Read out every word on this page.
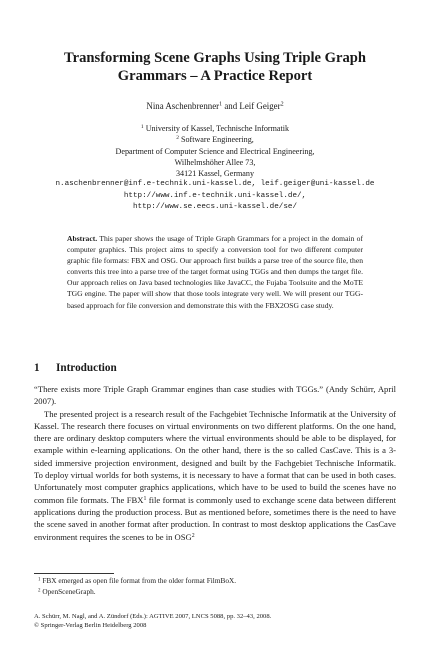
Transforming Scene Graphs Using Triple Graph
Grammars – A Practice Report
Nina Aschenbrenner$^1$ and Leif Geiger$^2$
$^1$ University of Kassel, Technische Informatik
$^2$ Software Engineering,
Department of Computer Science and Electrical Engineering,
Wilhelmshöher Allee 73,
34121 Kassel, Germany
n.aschenbrenner@inf.e-technik.uni-kassel.de, leif.geiger@uni-kassel.de
http://www.inf.e-technik.uni-kassel.de/,
http://www.se.eecs.uni-kassel.de/se/
Abstract. This paper shows the usage of Triple Graph Grammars for a project in the domain of computer graphics. This project aims to specify a conversion tool for two different computer graphic file formats: FBX and OSG. Our approach first builds a parse tree of the source file, then converts this tree into a parse tree of the target format using TGGs and then dumps the target file. Our approach relies on Java based technologies like JavaCC, the Fujaba Toolsuite and the MoTE TGG engine. The paper will show that those tools integrate very well. We will present our TGG-based approach for file conversion and demonstrate this with the FBX2OSG case study.
1 Introduction

“There exists more Triple Graph Grammar engines than case studies with TGGs.” (Andy Schürr, April 2007).

The presented project is a research result of the Fachgebiet Technische Informatik at the University of Kassel. The research there focuses on virtual environments on two different platforms. On the one hand, there are ordinary desktop computers where the virtual environments should be able to be displayed, for example within e-learning applications. On the other hand, there is the so called CasCave. This is a 3-sided immersive projection environment, designed and built by the Fachgebiet Technische Informatik. To deploy virtual worlds for both systems, it is necessary to have a format that can be used in both cases. Unfortunately most computer graphics applications, which have to be used to build the scenes have no common file formats. The FBX$^1$ file format is commonly used to exchange scene data between different applications during the production process. But as mentioned before, sometimes there is the need to have the scene saved in another format after production. In contrast to most desktop applications the CasCave environment requires the scenes to be in OSG$^2$

$^1$ FBX emerged as open file format from the older format FilmBoX.
$^2$ OpenSceneGraph.
A. Schürr, M. Nagl, and A. Zündorf (Eds.): AGTIVE 2007, LNCS 5088, pp. 32–43, 2008.
© Springer-Verlag Berlin Heidelberg 2008
